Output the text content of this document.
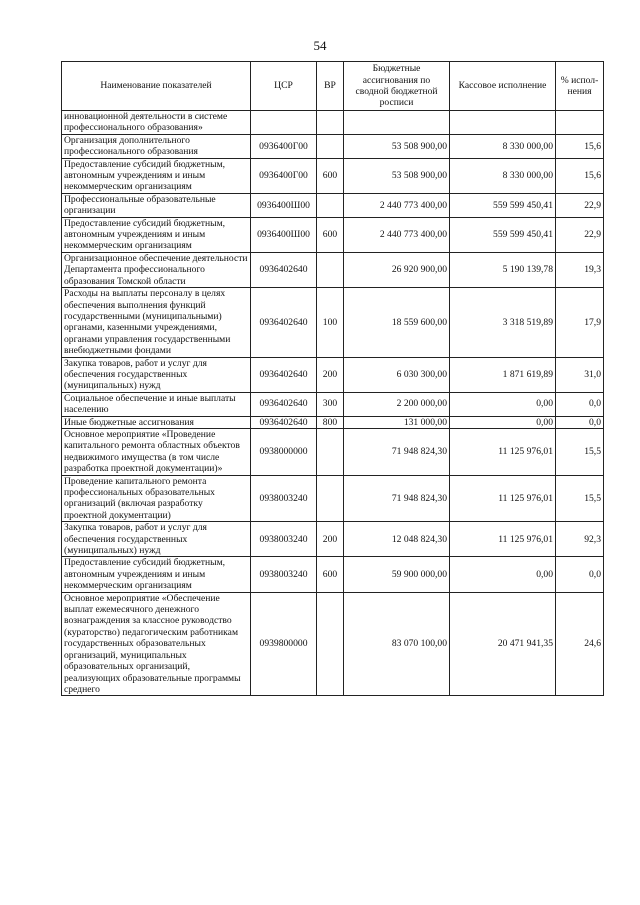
54
Наименование показателей	ЦСР	ВР	Бюджетные ассигнования по сводной бюджетной росписи	Кассовое исполнение	% испол-нения
инновационной деятельности в системе профессионального образования»					
Организация дополнительного профессионального образования	0936400Г00		53 508 900,00	8 330 000,00	15,6
Предоставление субсидий бюджетным, автономным учреждениям и иным некоммерческим организациям	0936400Г00	600	53 508 900,00	8 330 000,00	15,6
Профессиональные образовательные организации	0936400Ш00		2 440 773 400,00	559 599 450,41	22,9
Предоставление субсидий бюджетным, автономным учреждениям и иным некоммерческим организациям	0936400Ш00	600	2 440 773 400,00	559 599 450,41	22,9
Организационное обеспечение деятельности Департамента профессионального образования Томской области	0936402640		26 920 900,00	5 190 139,78	19,3
Расходы на выплаты персоналу в целях обеспечения выполнения функций государственными (муниципальными) органами, казенными учреждениями, органами управления государственными внебюджетными фондами	0936402640	100	18 559 600,00	3 318 519,89	17,9
Закупка товаров, работ и услуг для обеспечения государственных (муниципальных) нужд	0936402640	200	6 030 300,00	1 871 619,89	31,0
Социальное обеспечение и иные выплаты населению	0936402640	300	2 200 000,00	0,00	0,0
Иные бюджетные ассигнования	0936402640	800	131 000,00	0,00	0,0
Основное мероприятие «Проведение капитального ремонта областных объектов недвижимого имущества (в том числе разработка проектной документации)»	0938000000		71 948 824,30	11 125 976,01	15,5
Проведение капитального ремонта профессиональных образовательных организаций (включая разработку проектной документации)	0938003240		71 948 824,30	11 125 976,01	15,5
Закупка товаров, работ и услуг для обеспечения государственных (муниципальных) нужд	0938003240	200	12 048 824,30	11 125 976,01	92,3
Предоставление субсидий бюджетным, автономным учреждениям и иным некоммерческим организациям	0938003240	600	59 900 000,00	0,00	0,0
Основное мероприятие «Обеспечение выплат ежемесячного денежного вознаграждения за классное руководство (кураторство) педагогическим работникам государственных образовательных организаций, муниципальных образовательных организаций, реализующих образовательные программы среднего	0939800000		83 070 100,00	20 471 941,35	24,6
